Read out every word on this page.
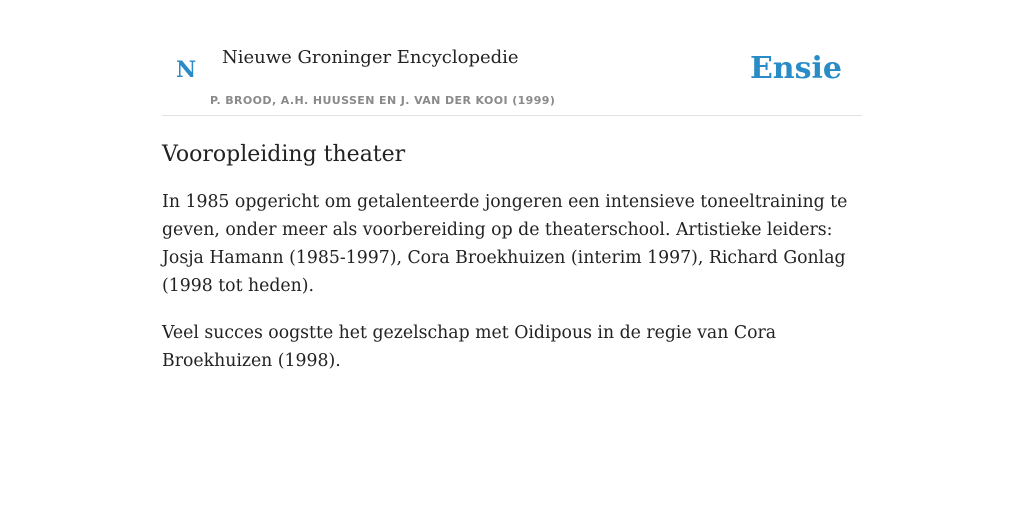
N Nieuwe Groninger Encyclopedie
P. BROOD, A.H. HUUSSEN EN J. VAN DER KOOI (1999)
Ensie
Vooropleiding theater

In 1985 opgericht om getalenteerde jongeren een intensieve toneeltraining te geven, onder meer als voorbereiding op de theaterschool. Artistieke leiders: Josja Hamann (1985-1997), Cora Broekhuizen (interim 1997), Richard Gonlag (1998 tot heden).

Veel succes oogstte het gezelschap met Oidipous in de regie van Cora Broekhuizen (1998).
